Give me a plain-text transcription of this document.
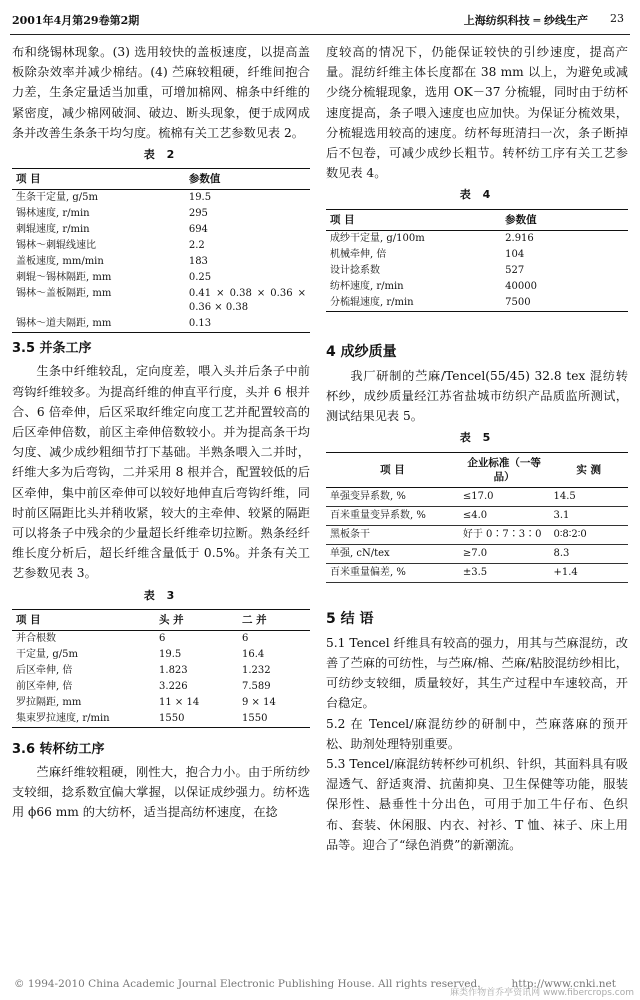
2001年4月第29卷第2期	上海纺织科技 ═ 纱线生产 23

布和绕锡林现象。(3) 选用较快的盖板速度，以提高盖板除杂效率并减少棉结。(4) 苎麻较粗硬，纤维间抱合力差，生条定量适当加重，可增加棉网、棉条中纤维的紧密度，减少棉网破洞、破边、断头现象，便于成网成条并改善生条条干均匀度。梳棉有关工艺参数见表 2。

表 2
项 目	参数值
生条干定量, g/5m	19.5
锡林速度, r/min	295
刺辊速度, r/min	694
锡林～刺辊线速比	2.2
盖板速度, mm/min	183
刺辊～锡林隔距, mm	0.25
锡林～盖板隔距, mm	0.41 × 0.38 × 0.36 × 0.36 × 0.38
锡林～道夫隔距, mm	0.13
3.5 并条工序

生条中纤维较乱，定向度差，喂入头并后条子中前弯钩纤维较多。为提高纤维的伸直平行度，头并 6 根并合、6 倍牵伸，后区采取纤维定向度工艺并配置较高的后区牵伸倍数，前区主牵伸倍数较小。并为提高条干均匀度、减少成纱粗细节打下基础。半熟条喂入二并时，纤维大多为后弯钩，二并采用 8 根并合，配置较低的后区牵伸，集中前区牵伸可以较好地伸直后弯钩纤维，同时前区隔距比头并稍收紧，较大的主牵伸、较紧的隔距可以将条子中残余的少量超长纤维牵切拉断。熟条经纤维长度分析后，超长纤维含量低于 0.5%。并条有关工艺参数见表 3。

表 3
项 目	头 并	二 并
并合根数	6	6
干定量, g/5m	19.5	16.4
后区牵伸, 倍	1.823	1.232
前区牵伸, 倍	3.226	7.589
罗拉隔距, mm	11 × 14	9 × 14
集束罗拉速度, r/min	1550	1550
3.6 转杯纺工序

苎麻纤维较粗硬，刚性大，抱合力小。由于所纺纱支较细，捻系数宜偏大掌握，以保证成纱强力。纺杯选用 ϕ66 mm 的大纺杯，适当提高纺杯速度，在捻

度较高的情况下，仍能保证较快的引纱速度，提高产量。混纺纤维主体长度都在 38 mm 以上，为避免或减少绕分梳辊现象，选用 OK－37 分梳辊，同时由于纺杯速度提高，条子喂入速度也应加快。为保证分梳效果，分梳辊选用较高的速度。纺杯每班清扫一次，条子断掉后不包卷，可减少成纱长粗节。转杯纺工序有关工艺参数见表 4。

表 4
项 目	参数值
成纱干定量, g/100m	2.916
机械牵伸, 倍	104
设计捻系数	527
纺杯速度, r/min	40000
分梳辊速度, r/min	7500
4 成纱质量

我厂研制的苎麻/Tencel(55/45) 32.8 tex 混纺转杯纱，成纱质量经江苏省盐城市纺织产品质监所测试，测试结果见表 5。

表 5
项 目	企业标准（一等品）	实 测
单强变异系数, %	≤17.0	14.5
百米重量变异系数, %	≤4.0	3.1
黑板条干	好于 0∶7∶3∶0	0∶8∶2∶0
单强, cN/tex	≥7.0	8.3
百米重量偏差, %	±3.5	+1.4
5 结 语

5.1 Tencel 纤维具有较高的强力，用其与苎麻混纺，改善了苎麻的可纺性，与苎麻/棉、苎麻/粘胶混纺纱相比，可纺纱支较细，质量较好，其生产过程中车速较高，开台稳定。

5.2 在 Tencel/麻混纺纱的研制中，苎麻落麻的预开松、助剂处理特别重要。

5.3 Tencel/麻混纺转杯纱可机织、针织，其面料具有吸湿透气、舒适爽滑、抗菌抑臭、卫生保健等功能，服装保形性、悬垂性十分出色，可用于加工牛仔布、色织布、套装、休闲服、内衣、衬衫、T 恤、袜子、床上用品等。迎合了“绿色消费”的新潮流。

© 1994-2010 China Academic Journal Electronic Publishing House. All rights reserved.	http://www.cnki.net
麻类作物首乔亭资讯网 www.fibercrops.com
